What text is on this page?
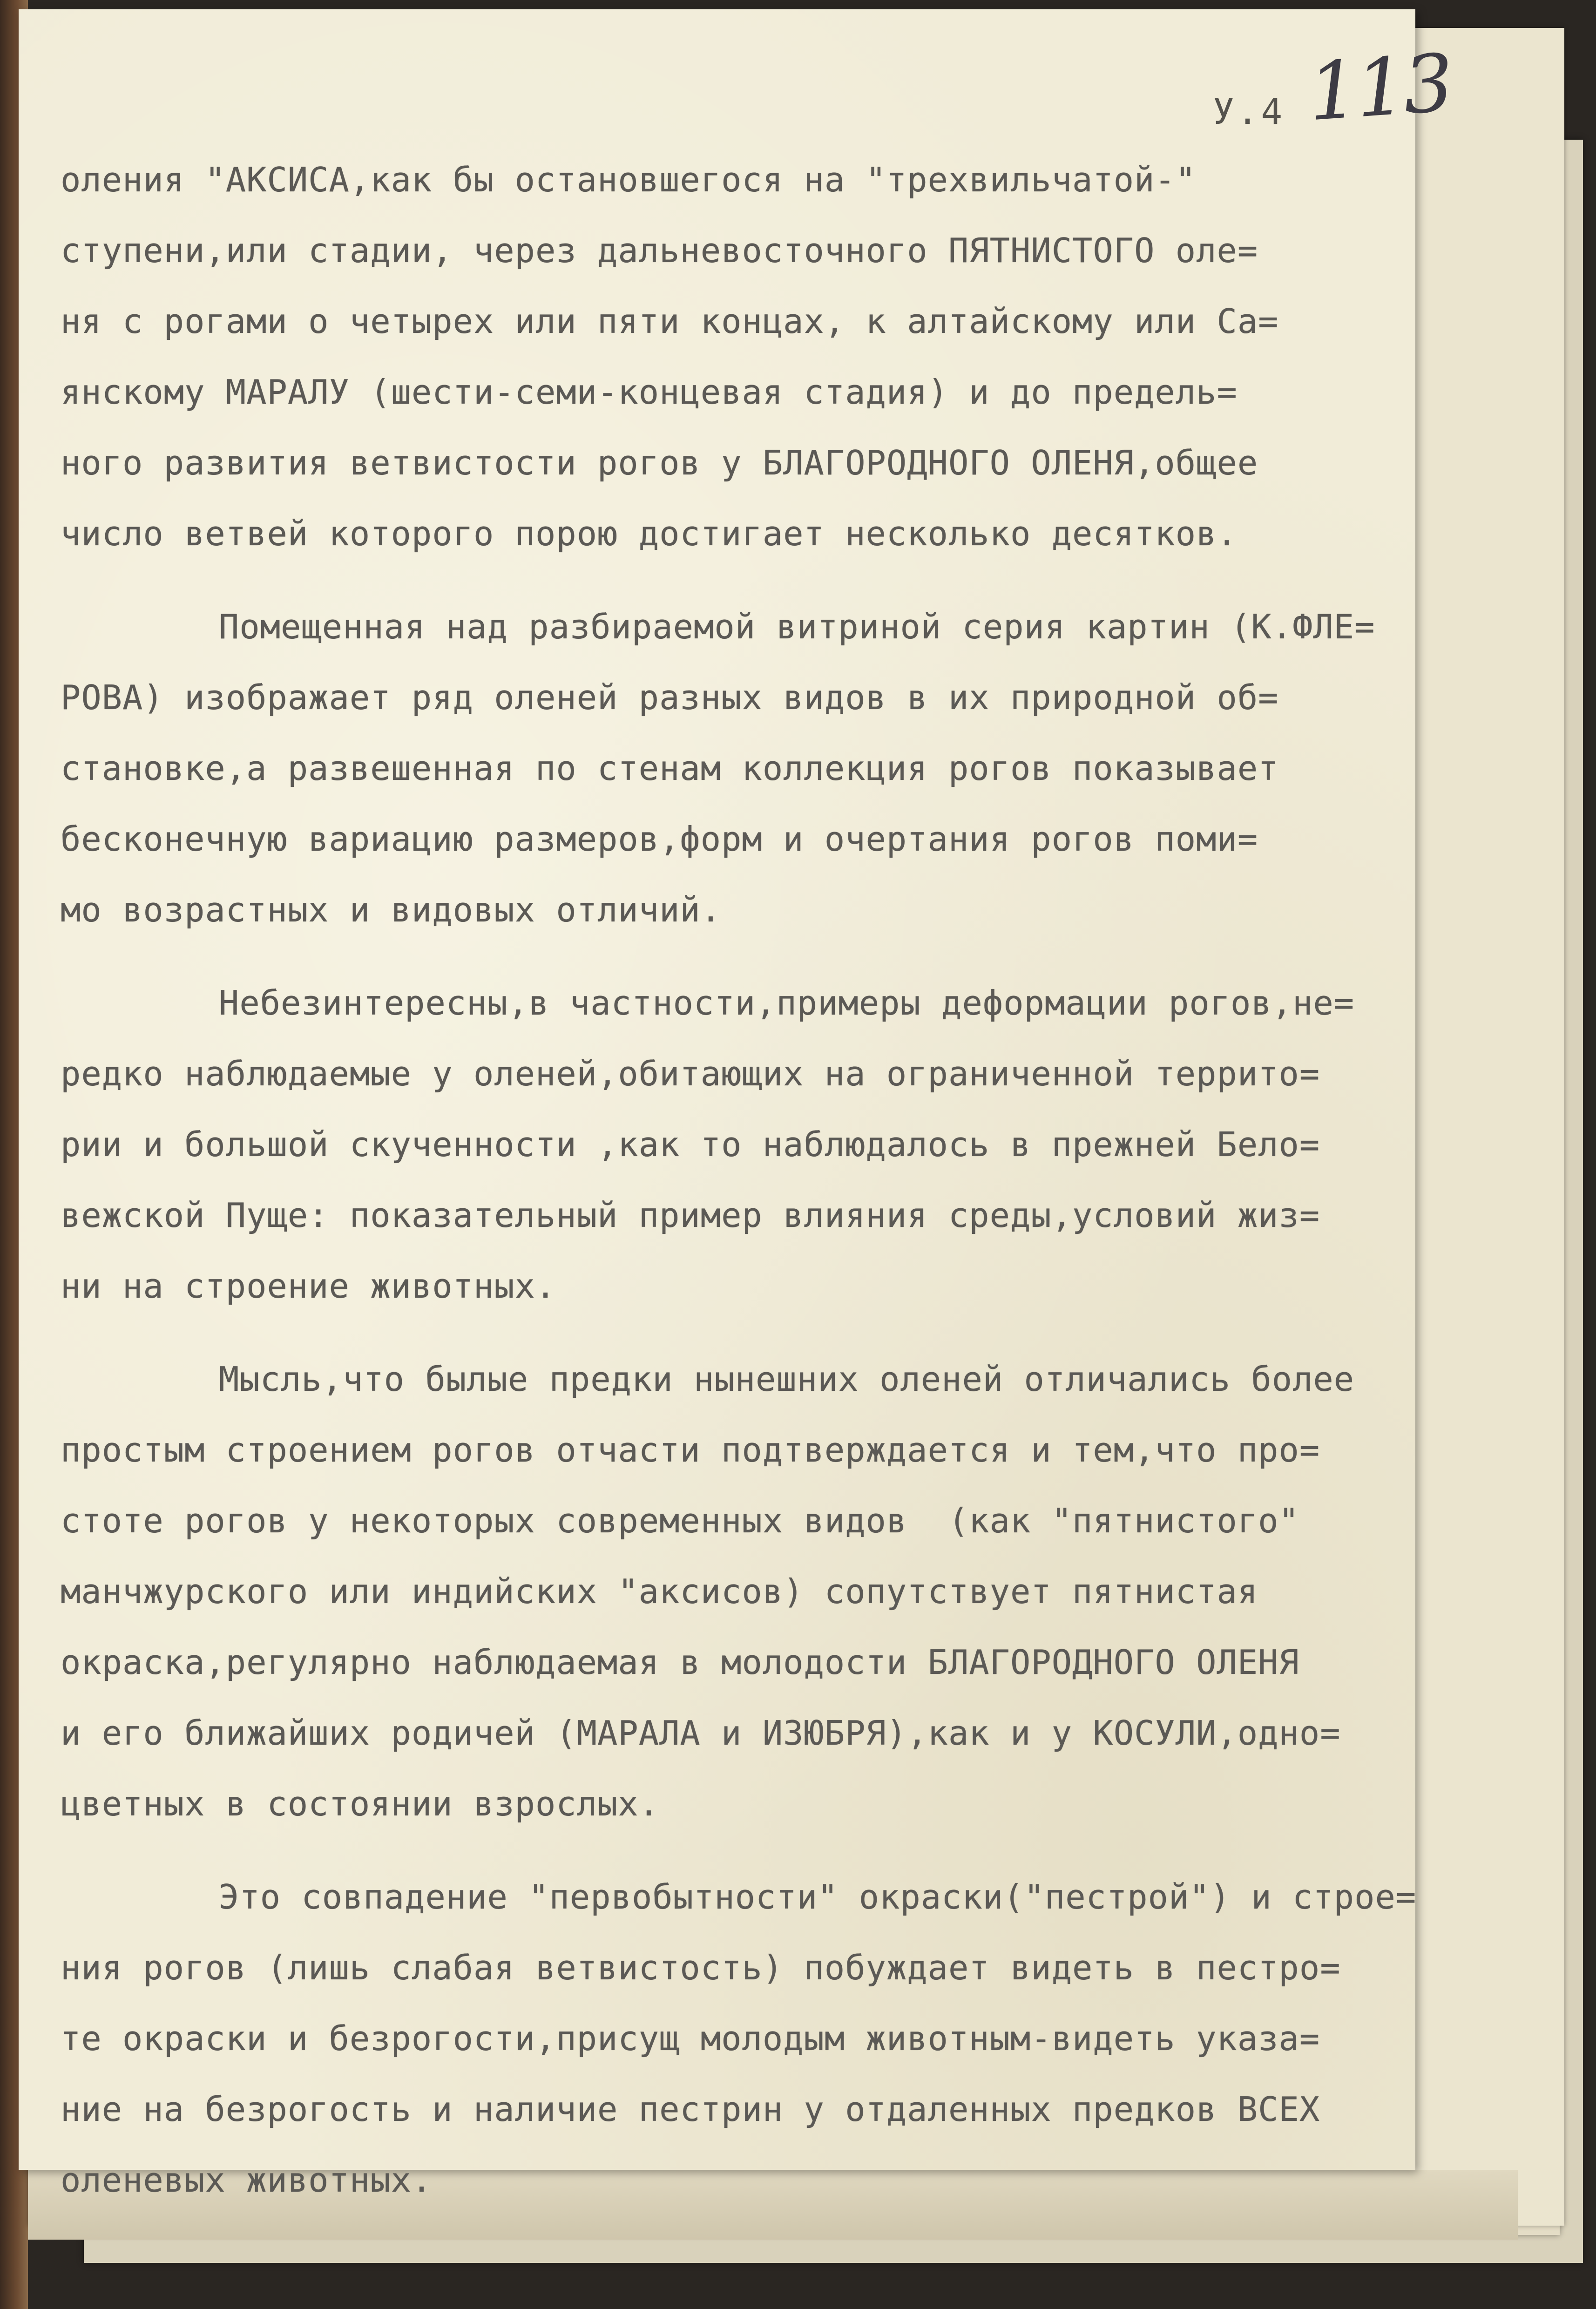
У.4 113
оления "АКСИСА,как бы остановшегося на "трехвильчатой-"
ступени,или стадии, через дальневосточного ПЯТНИСТОГО оле=
ня с рогами о четырех или пяти концах, к алтайскому или Са=
янскому МАРАЛУ (шести-семи-концевая стадия) и до предель=
ного развития ветвистости рогов у БЛАГОРОДНОГО ОЛЕНЯ,общее
число ветвей которого порою достигает несколько десятков.
Помещенная над разбираемой витриной серия картин (К.ФЛЕ=
РОВА) изображает ряд оленей разных видов в их природной об=
становке,а развешенная по стенам коллекция рогов показывает
бесконечную вариацию размеров,форм и очертания рогов поми=
мо возрастных и видовых отличий.
Небезинтересны,в частности,примеры деформации рогов,не=
редко наблюдаемые у оленей,обитающих на ограниченной террито=
рии и большой скученности ,как то наблюдалось в прежней Бело=
вежской Пуще: показательный пример влияния среды,условий жиз=
ни на строение животных.
Мысль,что былые предки нынешних оленей отличались более
простым строением рогов отчасти подтверждается и тем,что про=
стоте рогов у некоторых современных видов  (как "пятнистого"
манчжурского или индийских "аксисов) сопутствует пятнистая
окраска,регулярно наблюдаемая в молодости БЛАГОРОДНОГО ОЛЕНЯ
и его ближайших родичей (МАРАЛА и ИЗЮБРЯ),как и у КОСУЛИ,одно=
цветных в состоянии взрослых.
Это совпадение "первобытности" окраски("пестрой") и строе=
ния рогов (лишь слабая ветвистость) побуждает видеть в пестро=
те окраски и безрогости,присущ молодым животным-видеть указа=
ние на безрогость и наличие пестрин у отдаленных предков ВСЕХ
оленевых животных.
